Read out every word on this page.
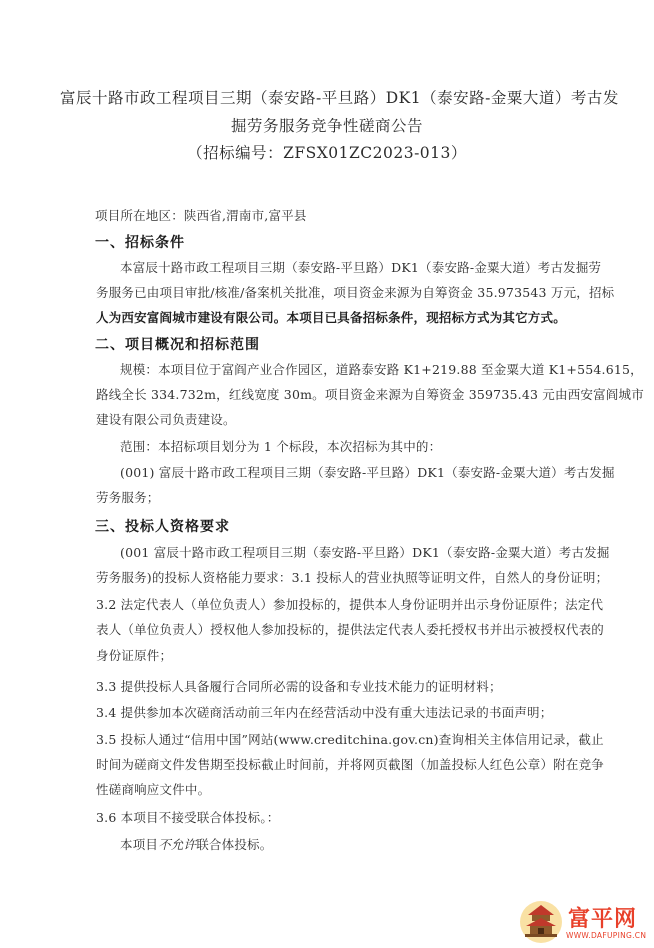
富辰十路市政工程项目三期（泰安路-平旦路）DK1（泰安路-金粟大道）考古发
掘劳务服务竞争性磋商公告
（招标编号：ZFSX01ZC2023-013）
项目所在地区：陕西省,渭南市,富平县
一、招标条件
本富辰十路市政工程项目三期（泰安路-平旦路）DK1（泰安路-金粟大道）考古发掘劳
务服务已由项目审批/核准/备案机关批准，项目资金来源为自筹资金 35.973543 万元，招标
人为西安富阎城市建设有限公司。本项目已具备招标条件，现招标方式为其它方式。
二、项目概况和招标范围
规模：本项目位于富阎产业合作园区，道路泰安路 K1+219.88 至金粟大道 K1+554.615，
路线全长 334.732m，红线宽度 30m。项目资金来源为自筹资金 359735.43 元由西安富阎城市
建设有限公司负责建设。
范围：本招标项目划分为 1 个标段，本次招标为其中的：
(001) 富辰十路市政工程项目三期（泰安路-平旦路）DK1（泰安路-金粟大道）考古发掘
劳务服务；
三、投标人资格要求
(001 富辰十路市政工程项目三期（泰安路-平旦路）DK1（泰安路-金粟大道）考古发掘
劳务服务)的投标人资格能力要求：3.1 投标人的营业执照等证明文件，自然人的身份证明；
3.2 法定代表人（单位负责人）参加投标的，提供本人身份证明并出示身份证原件；法定代
表人（单位负责人）授权他人参加投标的，提供法定代表人委托授权书并出示被授权代表的
身份证原件；
3.3 提供投标人具备履行合同所必需的设备和专业技术能力的证明材料；
3.4 提供参加本次磋商活动前三年内在经营活动中没有重大违法记录的书面声明；
3.5 投标人通过“信用中国”网站(www.creditchina.gov.cn)查询相关主体信用记录，截止
时间为磋商文件发售期至投标截止时间前，并将网页截图（加盖投标人红色公章）附在竞争
性磋商响应文件中。
3.6 本项目不接受联合体投标。：
本项目不允许联合体投标。
富平网
WWW.DAFUPING.CN
